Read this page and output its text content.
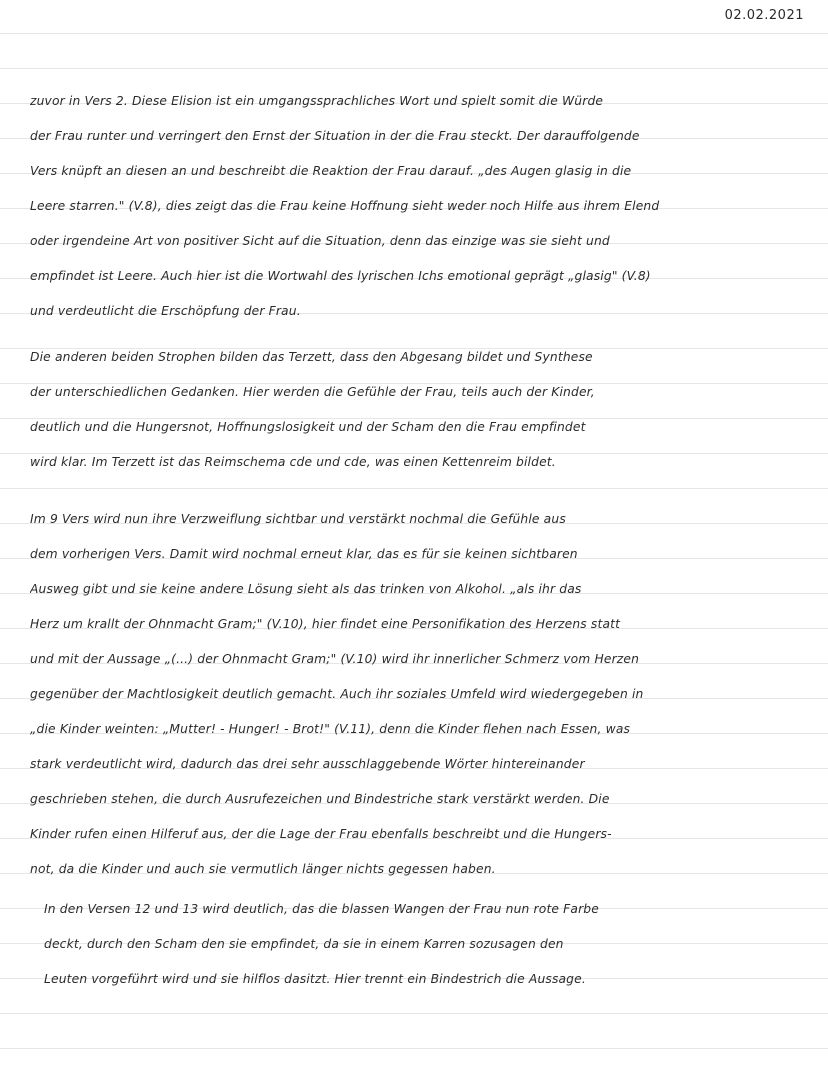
02.02.2021
zuvor in Vers 2. Diese Elision ist ein umgangssprachliches Wort und spielt somit die Würde
der Frau runter und verringert den Ernst der Situation in der die Frau steckt. Der darauffolgende
Vers knüpft an diesen an und beschreibt die Reaktion der Frau darauf. „des Augen glasig in die
Leere starren." (V.8), dies zeigt das die Frau keine Hoffnung sieht weder noch Hilfe aus ihrem Elend
oder irgendeine Art von positiver Sicht auf die Situation, denn das einzige was sie sieht und
empfindet ist Leere. Auch hier ist die Wortwahl des lyrischen Ichs emotional geprägt „glasig" (V.8)
und verdeutlicht die Erschöpfung der Frau.
Die anderen beiden Strophen bilden das Terzett, dass den Abgesang bildet und Synthese
der unterschiedlichen Gedanken. Hier werden die Gefühle der Frau, teils auch der Kinder,
deutlich und die Hungersnot, Hoffnungslosigkeit und der Scham den die Frau empfindet
wird klar. Im Terzett ist das Reimschema cde und cde, was einen Kettenreim bildet.
Im 9 Vers wird nun ihre Verzweiflung sichtbar und verstärkt nochmal die Gefühle aus
dem vorherigen Vers. Damit wird nochmal erneut klar, das es für sie keinen sichtbaren
Ausweg gibt und sie keine andere Lösung sieht als das trinken von Alkohol. „als ihr das
Herz um krallt der Ohnmacht Gram;" (V.10), hier findet eine Personifikation des Herzens statt
und mit der Aussage „(...) der Ohnmacht Gram;" (V.10) wird ihr innerlicher Schmerz vom Herzen
gegenüber der Machtlosigkeit deutlich gemacht. Auch ihr soziales Umfeld wird wiedergegeben in
„die Kinder weinten: „Mutter! - Hunger! - Brot!" (V.11), denn die Kinder flehen nach Essen, was
stark verdeutlicht wird, dadurch das drei sehr ausschlaggebende Wörter hintereinander
geschrieben stehen, die durch Ausrufezeichen und Bindestriche stark verstärkt werden. Die
Kinder rufen einen Hilferuf aus, der die Lage der Frau ebenfalls beschreibt und die Hungers-
not, da die Kinder und auch sie vermutlich länger nichts gegessen haben.
In den Versen 12 und 13 wird deutlich, das die blassen Wangen der Frau nun rote Farbe
deckt, durch den Scham den sie empfindet, da sie in einem Karren sozusagen den
Leuten vorgeführt wird und sie hilflos dasitzt. Hier trennt ein Bindestrich die Aussage.
